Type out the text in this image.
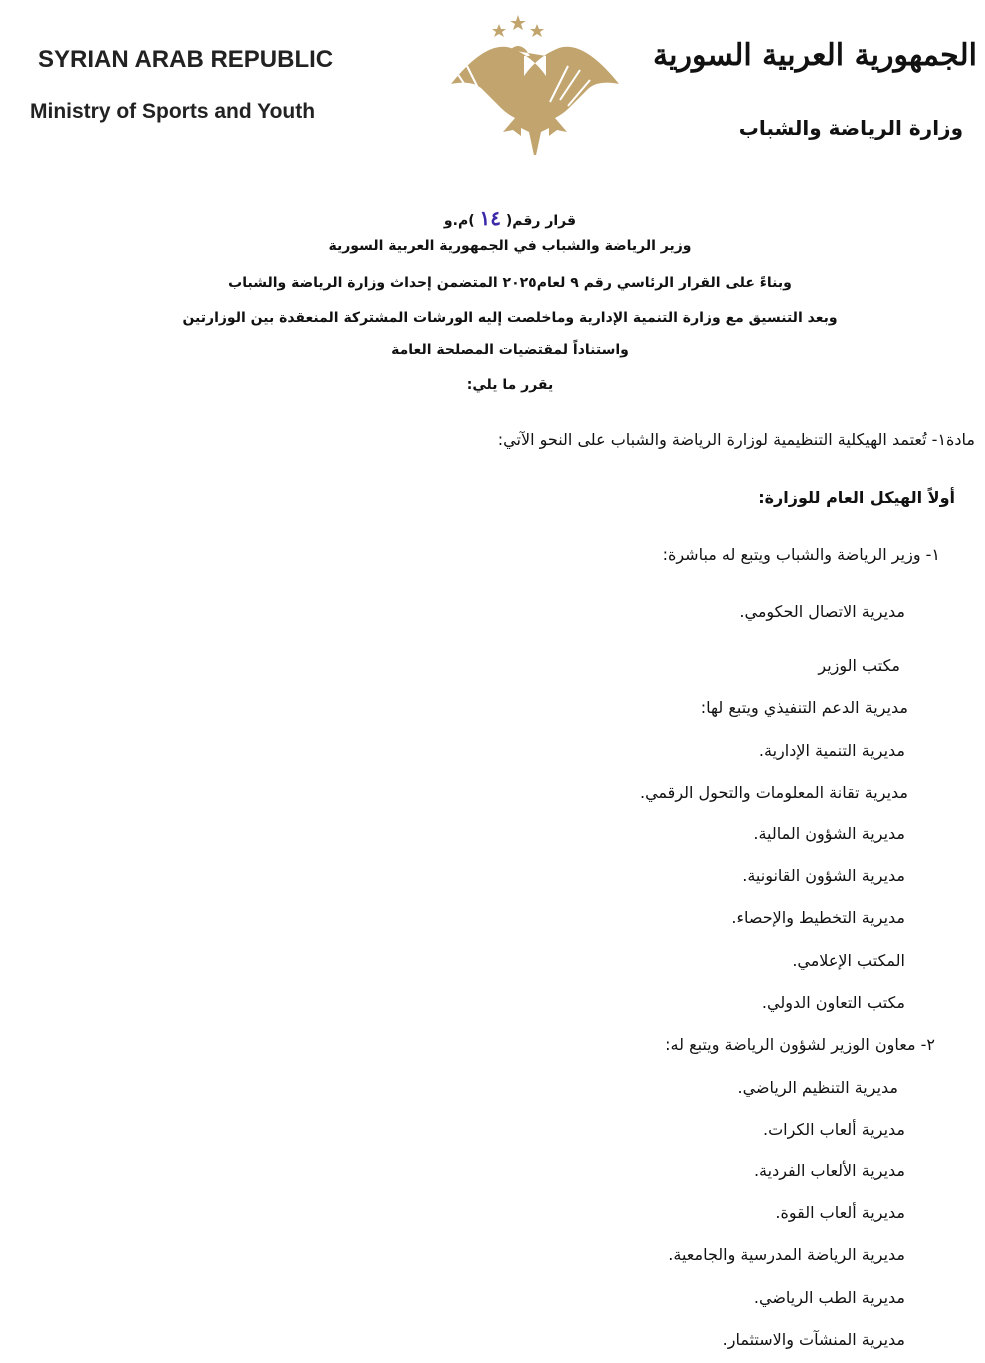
SYRIAN ARAB REPUBLIC
Ministry of Sports and Youth
الجمهورية العربية السورية
وزارة الرياضة والشباب
قرار رقم( ١٤ )م.و
وزير الرياضة والشباب في الجمهورية العربية السورية
وبناءً على القرار الرئاسي رقم ٩ لعام٢٠٢٥ المتضمن إحداث وزارة الرياضة والشباب
وبعد التنسيق مع وزارة التنمية الإدارية وماخلصت إليه الورشات المشتركة المنعقدة بين الوزارتين
واستناداً لمقتضيات المصلحة العامة
يقرر ما يلي:
مادة١- تُعتمد الهيكلية التنظيمية لوزارة الرياضة والشباب على النحو الآتي:
أولاً الهيكل العام للوزارة:
١- وزير الرياضة والشباب ويتبع له مباشرة:
مديرية الاتصال الحكومي.
مكتب الوزير
مديرية الدعم التنفيذي ويتبع لها:
مديرية التنمية الإدارية.
مديرية تقانة المعلومات والتحول الرقمي.
مديرية الشؤون المالية.
مديرية الشؤون القانونية.
مديرية التخطيط والإحصاء.
المكتب الإعلامي.
مكتب التعاون الدولي.
٢- معاون الوزير لشؤون الرياضة ويتبع له:
مديرية التنظيم الرياضي.
مديرية ألعاب الكرات.
مديرية الألعاب الفردية.
مديرية ألعاب القوة.
مديرية الرياضة المدرسية والجامعية.
مديرية الطب الرياضي.
مديرية المنشآت والاستثمار.
